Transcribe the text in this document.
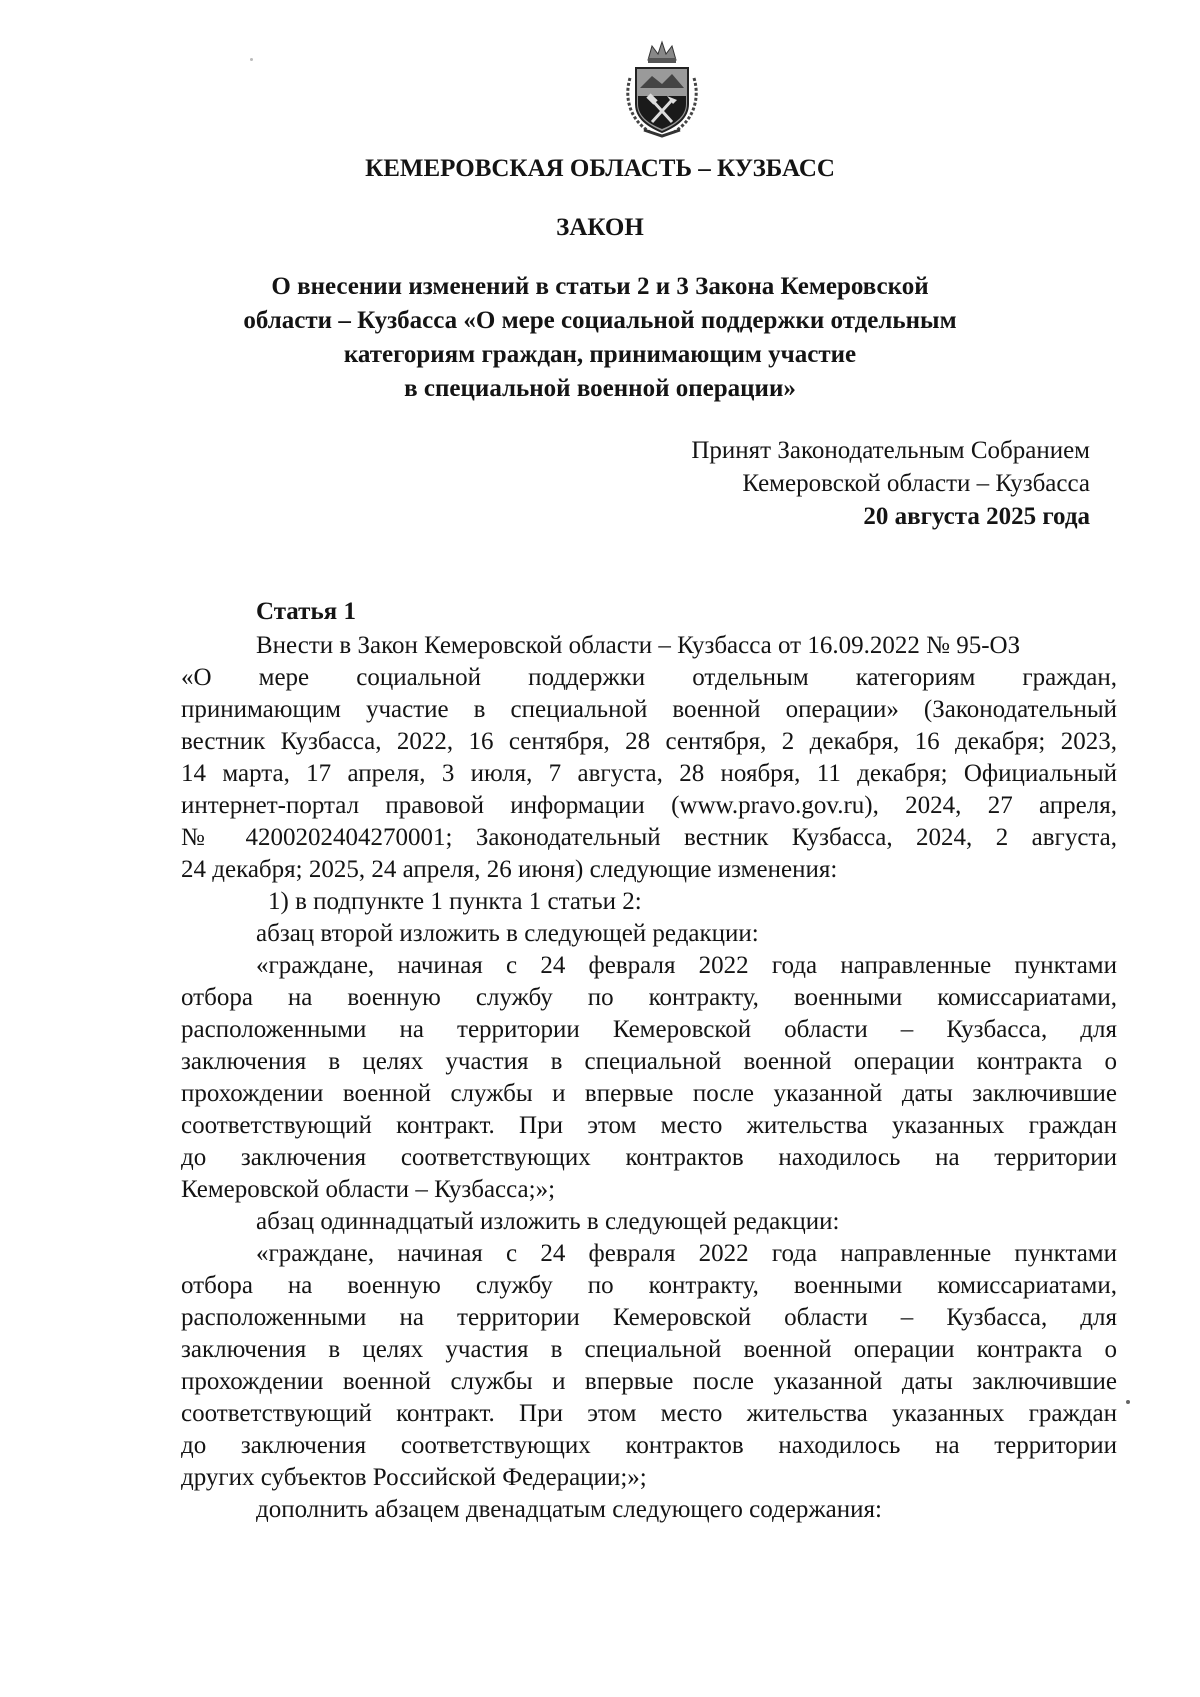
КЕМЕРОВСКАЯ ОБЛАСТЬ – КУЗБАСС
ЗАКОН
О внесении изменений в статьи 2 и 3 Закона Кемеровской
области – Кузбасса «О мере социальной поддержки отдельным
категориям граждан, принимающим участие
в специальной военной операции»
Принят Законодательным Собранием
Кемеровской области – Кузбасса
20 августа 2025 года
Статья 1
Внести в Закон Кемеровской области – Кузбасса от 16.09.2022 № 95-ОЗ
«О мере социальной поддержки отдельным категориям граждан,
принимающим участие в специальной военной операции» (Законодательный
вестник Кузбасса, 2022, 16 сентября, 28 сентября, 2 декабря, 16 декабря; 2023,
14 марта, 17 апреля, 3 июля, 7 августа, 28 ноября, 11 декабря; Официальный
интернет-портал правовой информации (www.pravo.gov.ru), 2024, 27 апреля,
№ 4200202404270001; Законодательный вестник Кузбасса, 2024, 2 августа,
24 декабря; 2025, 24 апреля, 26 июня) следующие изменения:
1) в подпункте 1 пункта 1 статьи 2:
абзац второй изложить в следующей редакции:
«граждане, начиная с 24 февраля 2022 года направленные пунктами
отбора на военную службу по контракту, военными комиссариатами,
расположенными на территории Кемеровской области – Кузбасса, для
заключения в целях участия в специальной военной операции контракта о
прохождении военной службы и впервые после указанной даты заключившие
соответствующий контракт. При этом место жительства указанных граждан
до заключения соответствующих контрактов находилось на территории
Кемеровской области – Кузбасса;»;
абзац одиннадцатый изложить в следующей редакции:
«граждане, начиная с 24 февраля 2022 года направленные пунктами
отбора на военную службу по контракту, военными комиссариатами,
расположенными на территории Кемеровской области – Кузбасса, для
заключения в целях участия в специальной военной операции контракта о
прохождении военной службы и впервые после указанной даты заключившие
соответствующий контракт. При этом место жительства указанных граждан
до заключения соответствующих контрактов находилось на территории
других субъектов Российской Федерации;»;
дополнить абзацем двенадцатым следующего содержания:
